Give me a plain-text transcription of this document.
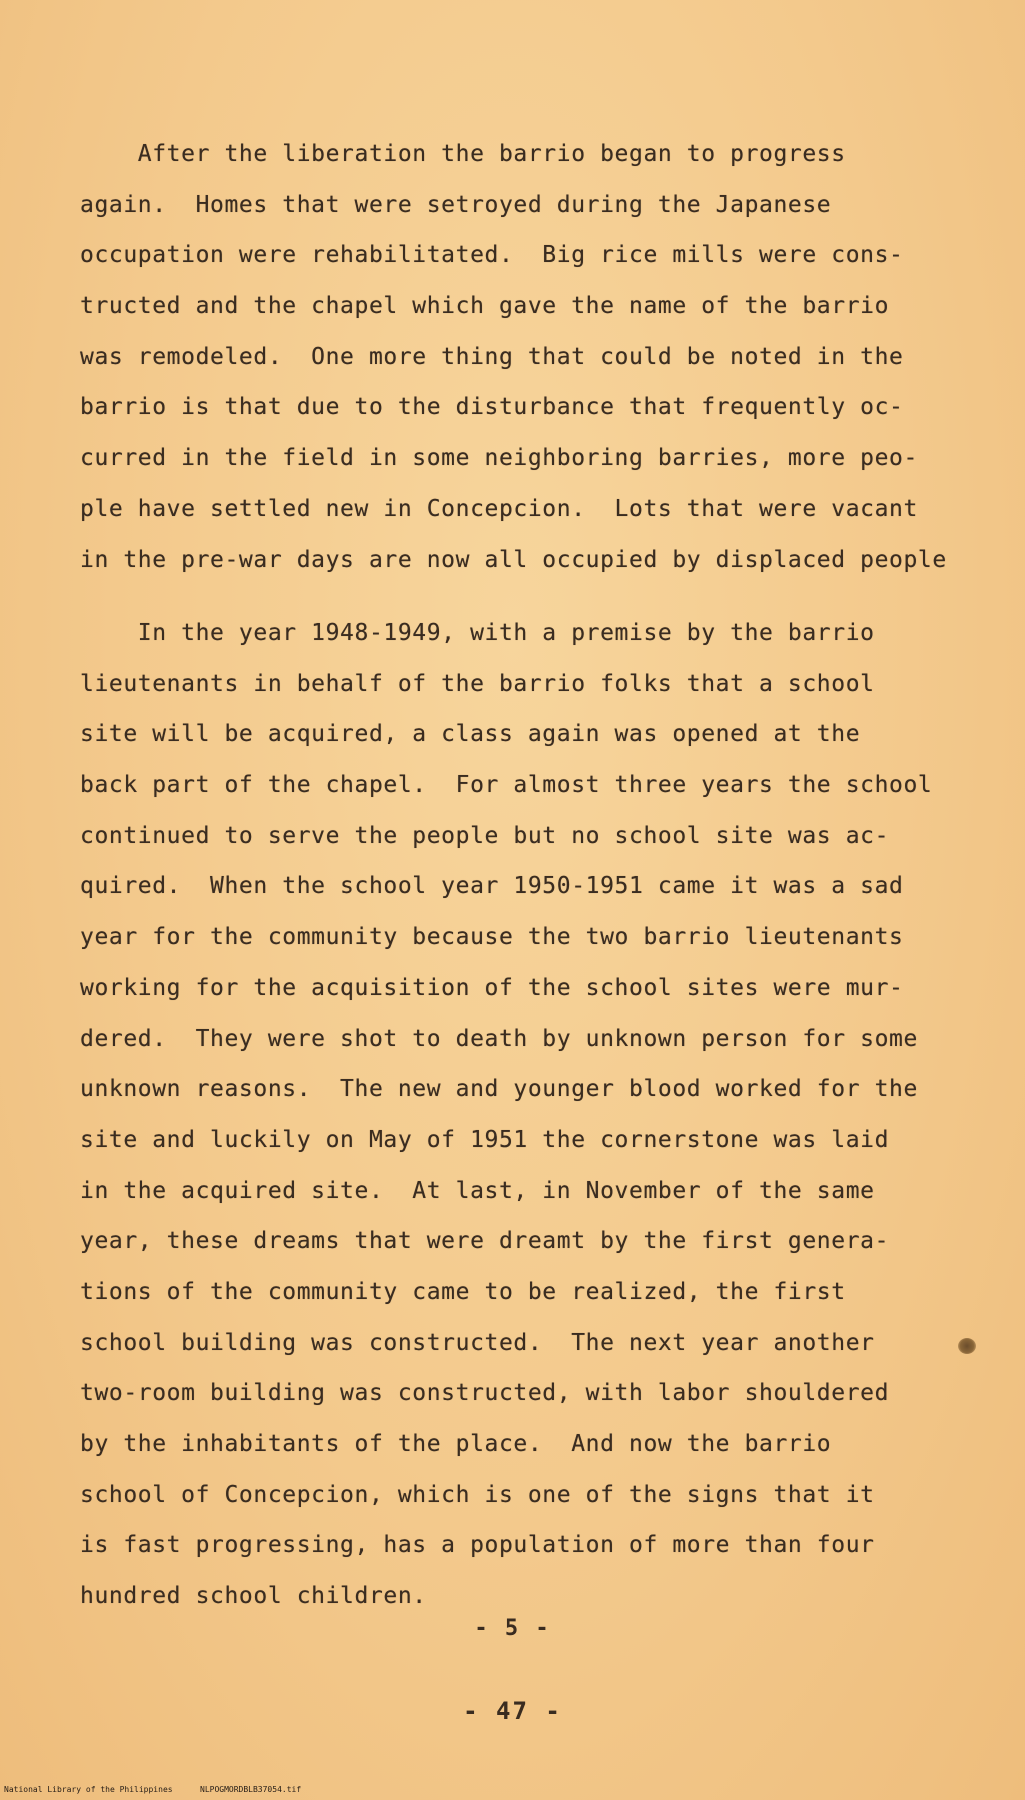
After the liberation the barrio began to progress
again.  Homes that were setroyed during the Japanese
occupation were rehabilitated.  Big rice mills were cons-
tructed and the chapel which gave the name of the barrio
was remodeled.  One more thing that could be noted in the
barrio is that due to the disturbance that frequently oc-
curred in the field in some neighboring barries, more peo-
ple have settled new in Concepcion.  Lots that were vacant
in the pre-war days are now all occupied by displaced people
In the year 1948-1949, with a premise by the barrio
lieutenants in behalf of the barrio folks that a school
site will be acquired, a class again was opened at the
back part of the chapel.  For almost three years the school
continued to serve the people but no school site was ac-
quired.  When the school year 1950-1951 came it was a sad
year for the community because the two barrio lieutenants
working for the acquisition of the school sites were mur-
dered.  They were shot to death by unknown person for some
unknown reasons.  The new and younger blood worked for the
site and luckily on May of 1951 the cornerstone was laid
in the acquired site.  At last, in November of the same
year, these dreams that were dreamt by the first genera-
tions of the community came to be realized, the first
school building was constructed.  The next year another
two-room building was constructed, with labor shouldered
by the inhabitants of the place.  And now the barrio
school of Concepcion, which is one of the signs that it
is fast progressing, has a population of more than four
hundred school children.
- 5 -
- 47 -
National Library of the Philippines	NLPOGMORDBLB37054.tif
